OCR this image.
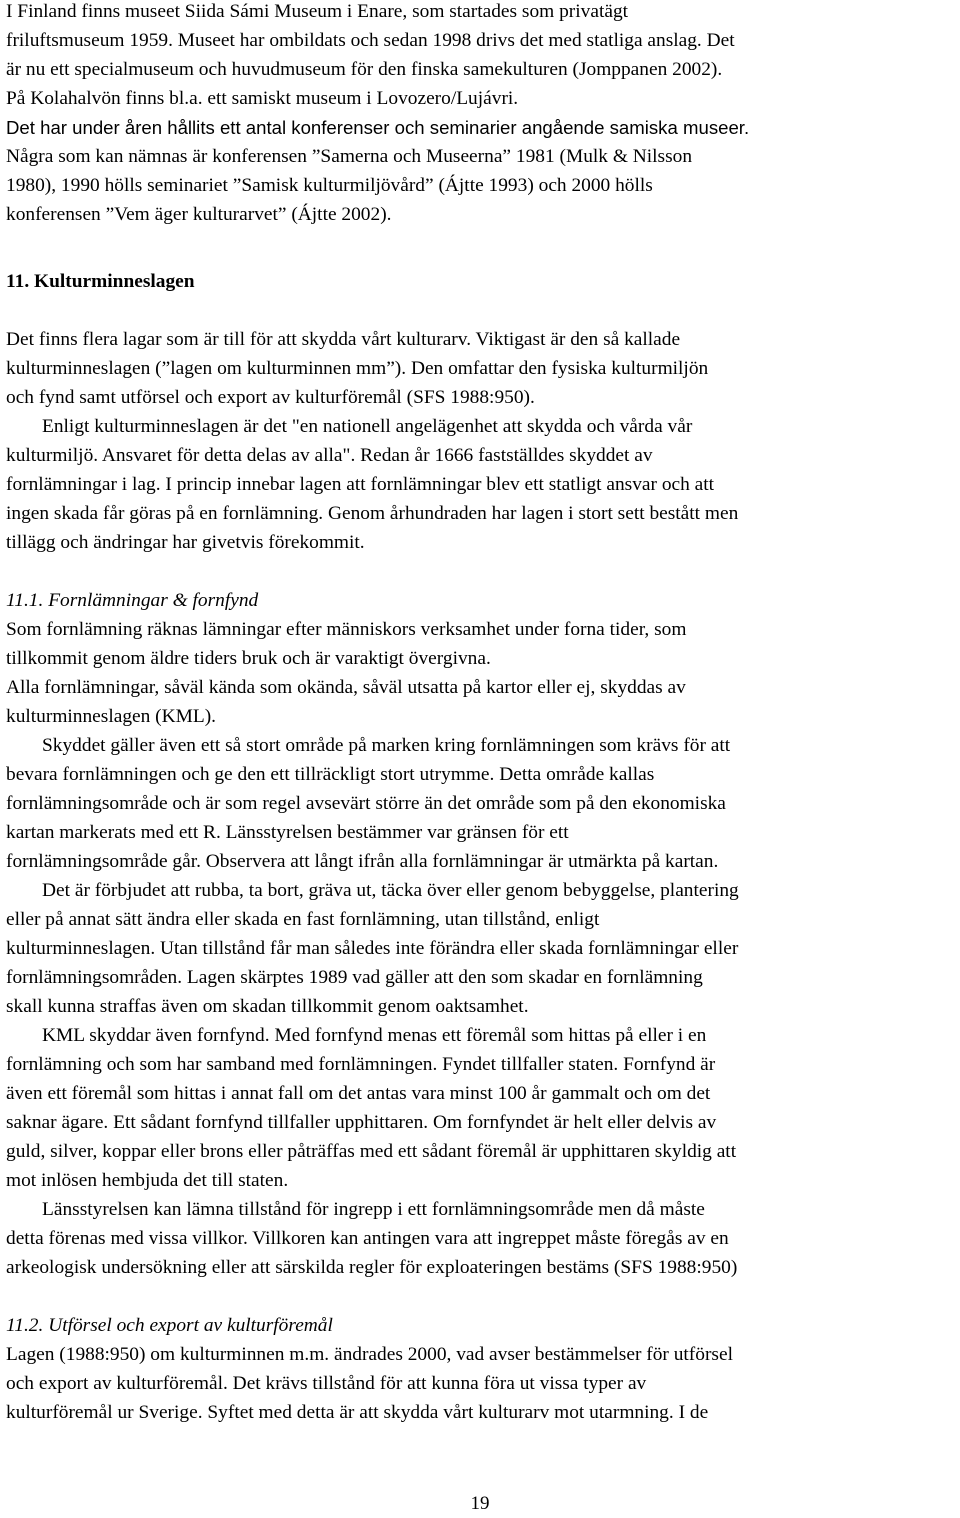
I Finland finns museet Siida Sámi Museum i Enare, som startades som privatägt
friluftsmuseum 1959. Museet har ombildats och sedan 1998 drivs det med statliga anslag. Det
är nu ett specialmuseum och huvudmuseum för den finska samekulturen (Jomppanen 2002).
På Kolahalvön finns bl.a. ett samiskt museum i Lovozero/Lujávri.
Det har under åren hållits ett antal konferenser och seminarier angående samiska museer.
Några som kan nämnas är konferensen ”Samerna och Museerna” 1981 (Mulk & Nilsson
1980), 1990 hölls seminariet ”Samisk kulturmiljövård” (Ájtte 1993) och 2000 hölls
konferensen ”Vem äger kulturarvet” (Ájtte 2002).
11. Kulturminneslagen
Det finns flera lagar som är till för att skydda vårt kulturarv. Viktigast är den så kallade
kulturminneslagen (”lagen om kulturminnen mm”). Den omfattar den fysiska kulturmiljön
och fynd samt utförsel och export av kulturföremål (SFS 1988:950).
Enligt kulturminneslagen är det "en nationell angelägenhet att skydda och vårda vår
kulturmiljö. Ansvaret för detta delas av alla". Redan år 1666 fastställdes skyddet av
fornlämningar i lag. I princip innebar lagen att fornlämningar blev ett statligt ansvar och att
ingen skada får göras på en fornlämning. Genom århundraden har lagen i stort sett bestått men
tillägg och ändringar har givetvis förekommit.
11.1. Fornlämningar & fornfynd
Som fornlämning räknas lämningar efter människors verksamhet under forna tider, som
tillkommit genom äldre tiders bruk och är varaktigt övergivna.
Alla fornlämningar, såväl kända som okända, såväl utsatta på kartor eller ej, skyddas av
kulturminneslagen (KML).
Skyddet gäller även ett så stort område på marken kring fornlämningen som krävs för att
bevara fornlämningen och ge den ett tillräckligt stort utrymme. Detta område kallas
fornlämningsområde och är som regel avsevärt större än det område som på den ekonomiska
kartan markerats med ett R. Länsstyrelsen bestämmer var gränsen för ett
fornlämningsområde går. Observera att långt ifrån alla fornlämningar är utmärkta på kartan.
Det är förbjudet att rubba, ta bort, gräva ut, täcka över eller genom bebyggelse, plantering
eller på annat sätt ändra eller skada en fast fornlämning, utan tillstånd, enligt
kulturminneslagen. Utan tillstånd får man således inte förändra eller skada fornlämningar eller
fornlämningsområden. Lagen skärptes 1989 vad gäller att den som skadar en fornlämning
skall kunna straffas även om skadan tillkommit genom oaktsamhet.
KML skyddar även fornfynd. Med fornfynd menas ett föremål som hittas på eller i en
fornlämning och som har samband med fornlämningen. Fyndet tillfaller staten. Fornfynd är
även ett föremål som hittas i annat fall om det antas vara minst 100 år gammalt och om det
saknar ägare. Ett sådant fornfynd tillfaller upphittaren. Om fornfyndet är helt eller delvis av
guld, silver, koppar eller brons eller påträffas med ett sådant föremål är upphittaren skyldig att
mot inlösen hembjuda det till staten.
Länsstyrelsen kan lämna tillstånd för ingrepp i ett fornlämningsområde men då måste
detta förenas med vissa villkor. Villkoren kan antingen vara att ingreppet måste föregås av en
arkeologisk undersökning eller att särskilda regler för exploateringen bestäms (SFS 1988:950)
11.2. Utförsel och export av kulturföremål
Lagen (1988:950) om kulturminnen m.m. ändrades 2000, vad avser bestämmelser för utförsel
och export av kulturföremål. Det krävs tillstånd för att kunna föra ut vissa typer av
kulturföremål ur Sverige. Syftet med detta är att skydda vårt kulturarv mot utarmning. I de
19
